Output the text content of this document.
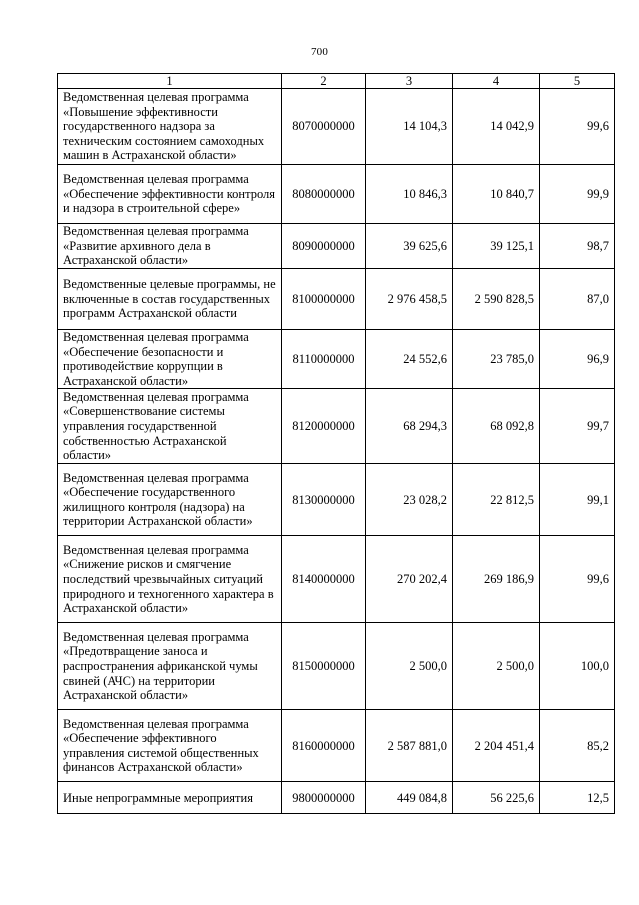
700
1	2	3	4	5

Ведомственная целевая программа «Повышение эффективности государственного надзора за техническим состоянием самоходных машин в Астраханской области»	8070000000	14 104,3	14 042,9	99,6

Ведомственная целевая программа «Обеспечение эффективности контроля и надзора в строительной сфере»	8080000000	10 846,3	10 840,7	99,9

Ведомственная целевая программа «Развитие архивного дела в Астраханской области»	8090000000	39 625,6	39 125,1	98,7

Ведомственные целевые программы, не включенные в состав государственных программ Астраханской области	8100000000	2 976 458,5	2 590 828,5	87,0

Ведомственная целевая программа «Обеспечение безопасности и противодействие коррупции в Астраханской области»	8110000000	24 552,6	23 785,0	96,9

Ведомственная целевая программа «Совершенствование системы управления государственной собственностью Астраханской области»	8120000000	68 294,3	68 092,8	99,7

Ведомственная целевая программа «Обеспечение государственного жилищного контроля (надзора) на территории Астраханской области»	8130000000	23 028,2	22 812,5	99,1

Ведомственная целевая программа «Снижение рисков и смягчение последствий чрезвычайных ситуаций природного и техногенного характера в Астраханской области»	8140000000	270 202,4	269 186,9	99,6

Ведомственная целевая программа «Предотвращение заноса и распространения африканской чумы свиней (АЧС) на территории Астраханской области»	8150000000	2 500,0	2 500,0	100,0

Ведомственная целевая программа «Обеспечение эффективного управления системой общественных финансов Астраханской области»	8160000000	2 587 881,0	2 204 451,4	85,2

Иные непрограммные мероприятия	9800000000	449 084,8	56 225,6	12,5
